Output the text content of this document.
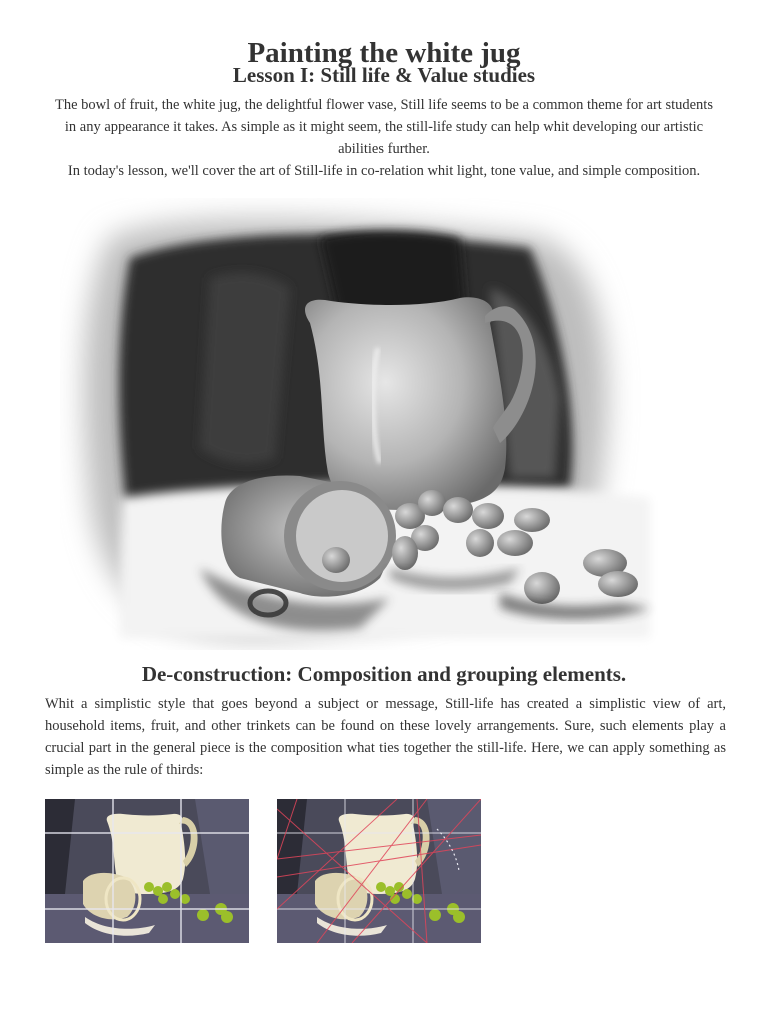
Painting the white jug
Lesson I: Still life & Value studies

The bowl of fruit, the white jug, the delightful flower vase, Still life seems to be a common theme for art students in any appearance it takes. As simple as it might seem, the still-life study can help whit developing our artistic abilities further.

In today's lesson, we'll cover the art of Still-life in co-relation whit light, tone value, and simple composition.

De-construction: Composition and grouping elements.

Whit a simplistic style that goes beyond a subject or message, Still-life has created a simplistic view of art, household items, fruit, and other trinkets can be found on these lovely arrangements. Sure, such elements play a crucial part in the general piece is the composition what ties together the still-life. Here, we can apply something as simple as the rule of thirds:
